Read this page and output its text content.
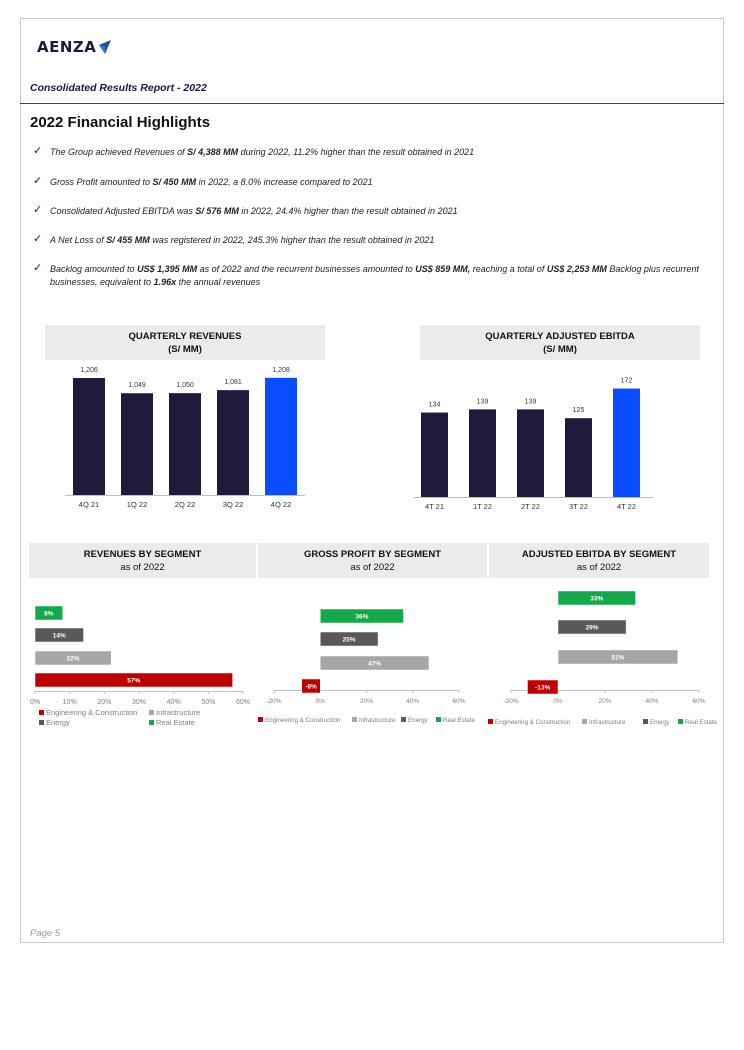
AENZA
Consolidated Results Report - 2022
2022 Financial Highlights
✓ The Group achieved Revenues of S/ 4,388 MM during 2022, 11.2% higher than the result obtained in 2021
✓ Gross Profit amounted to S/ 450 MM in 2022, a 8.0% increase compared to 2021
✓ Consolidated Adjusted EBITDA was S/ 576 MM in 2022, 24.4% higher than the result obtained in 2021
✓ A Net Loss of S/ 455 MM was registered in 2022, 245.3% higher than the result obtained in 2021
✓ Backlog amounted to US$ 1,395 MM as of 2022 and the recurrent businesses amounted to US$ 859 MM, reaching a total of US$ 2,253 MM Backlog plus recurrent businesses, equivalent to 1.96x the annual revenues
QUARTERLY REVENUES
(S/ MM)
QUARTERLY ADJUSTED EBITDA
(S/ MM)
REVENUES BY SEGMENT
as of 2022
GROSS PROFIT BY SEGMENT
as of 2022
ADJUSTED EBITDA BY SEGMENT
as of 2022
1,206
4Q 21
1,049
1Q 22
1,050
2Q 22
1,081
3Q 22
1,208
4Q 22
134
4T 21
139
1T 22
139
2T 22
125
3T 22
172
4T 22
0%	10%	20%	30%	40%	50%	60%
57%
22%
14%
8%
Engineering & Construction Infrastructure
Energy	Real Estate
-20%	0%	20%	40%	60%
-8%
47%
25%
36%
Engineering & Construction	Infrastructure Energy Real Estate
-20%	0%	20%	40%	60%
-13%
51%
29%
33%
Engineering & Construction	Infrastructure	Energy Real Estate
Page 5
